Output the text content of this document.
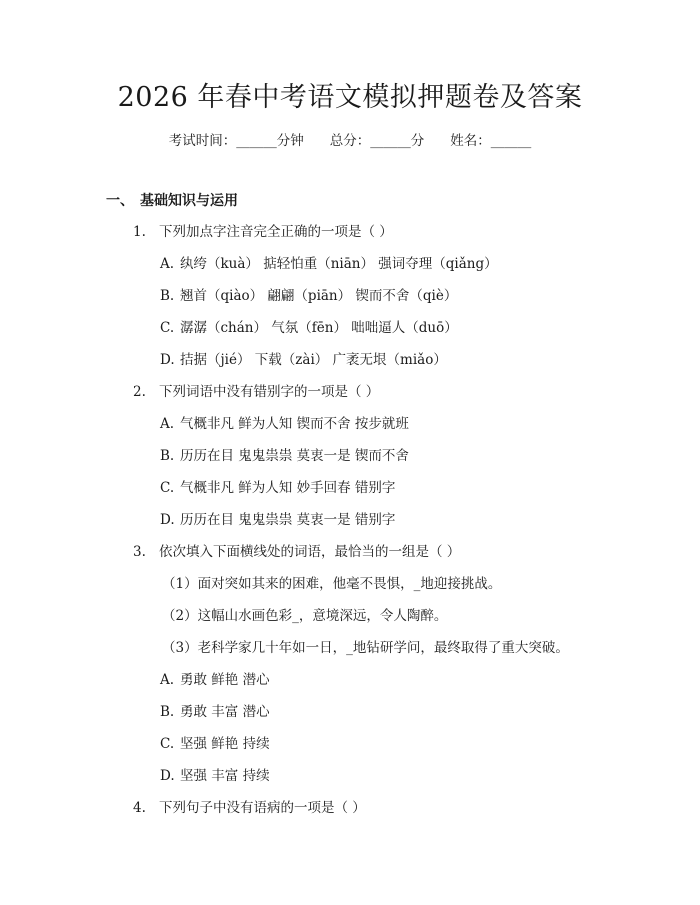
2026 年春中考语文模拟押题卷及答案
考试时间：______分钟 总分：______分 姓名：______
一、 基础知识与运用
1. 下列加点字注音完全正确的一项是（ ）
A. 纨绔（kuà） 掂轻怕重（niān） 强词夺理（qiǎng）
B. 翘首（qiào） 翩翩（piān） 锲而不舍（qiè）
C. 潺潺（chán） 气氛（fēn） 咄咄逼人（duō）
D. 拮据（jié） 下载（zài） 广袤无垠（miǎo）
2. 下列词语中没有错别字的一项是（ ）
A. 气概非凡 鲜为人知 锲而不舍 按步就班
B. 历历在目 鬼鬼祟祟 莫衷一是 锲而不舍
C. 气概非凡 鲜为人知 妙手回春 错别字
D. 历历在目 鬼鬼祟祟 莫衷一是 错别字
3. 依次填入下面横线处的词语，最恰当的一组是（ ）
（1）面对突如其来的困难，他毫不畏惧，_地迎接挑战。
（2）这幅山水画色彩_，意境深远，令人陶醉。
（3）老科学家几十年如一日，_地钻研学问，最终取得了重大突破。
A. 勇敢 鲜艳 潜心
B. 勇敢 丰富 潜心
C. 坚强 鲜艳 持续
D. 坚强 丰富 持续
4. 下列句子中没有语病的一项是（ ）
